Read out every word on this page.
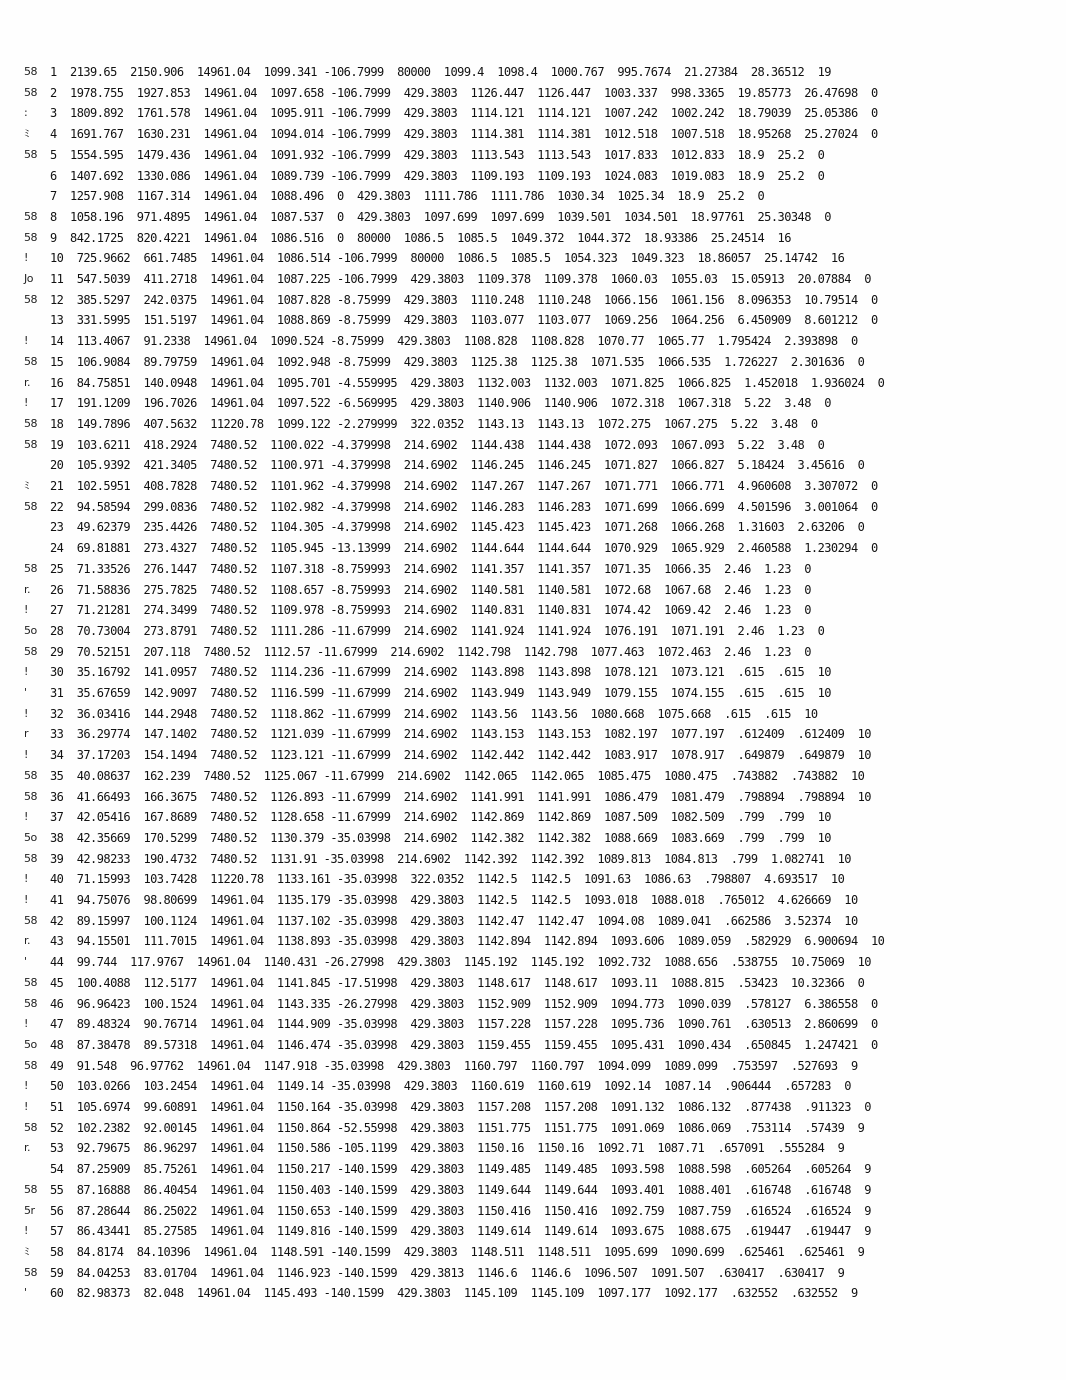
58	1  2139.65  2150.906  14961.04  1099.341 -106.7999  80000  1099.4  1098.4  1000.767  995.7674  21.27384  28.36512  19
58	2  1978.755  1927.853  14961.04  1097.658 -106.7999  429.3803  1126.447  1126.447  1003.337  998.3365  19.85773  26.47698  0
:	3  1809.892  1761.578  14961.04  1095.911 -106.7999  429.3803  1114.121  1114.121  1007.242  1002.242  18.79039  25.05386  0
ﾐ	4  1691.767  1630.231  14961.04  1094.014 -106.7999  429.3803  1114.381  1114.381  1012.518  1007.518  18.95268  25.27024  0
58	5  1554.595  1479.436  14961.04  1091.932 -106.7999  429.3803  1113.543  1113.543  1017.833  1012.833  18.9  25.2  0
6  1407.692  1330.086  14961.04  1089.739 -106.7999  429.3803  1109.193  1109.193  1024.083  1019.083  18.9  25.2  0
7  1257.908  1167.314  14961.04  1088.496  0  429.3803  1111.786  1111.786  1030.34  1025.34  18.9  25.2  0
58	8  1058.196  971.4895  14961.04  1087.537  0  429.3803  1097.699  1097.699  1039.501  1034.501  18.97761  25.30348  0
58	9  842.1725  820.4221  14961.04  1086.516  0  80000  1086.5  1085.5  1049.372  1044.372  18.93386  25.24514  16
!	10  725.9662  661.7485  14961.04  1086.514 -106.7999  80000  1086.5  1085.5  1054.323  1049.323  18.86057  25.14742  16
Jo	11  547.5039  411.2718  14961.04  1087.225 -106.7999  429.3803  1109.378  1109.378  1060.03  1055.03  15.05913  20.07884  0
58	12  385.5297  242.0375  14961.04  1087.828 -8.75999  429.3803  1110.248  1110.248  1066.156  1061.156  8.096353  10.79514  0
13  331.5995  151.5197  14961.04  1088.869 -8.75999  429.3803  1103.077  1103.077  1069.256  1064.256  6.450909  8.601212  0
!	14  113.4067  91.2338  14961.04  1090.524 -8.75999  429.3803  1108.828  1108.828  1070.77  1065.77  1.795424  2.393898  0
58	15  106.9084  89.79759  14961.04  1092.948 -8.75999  429.3803  1125.38  1125.38  1071.535  1066.535  1.726227  2.301636  0
r.	16  84.75851  140.0948  14961.04  1095.701 -4.559995  429.3803  1132.003  1132.003  1071.825  1066.825  1.452018  1.936024  0
!	17  191.1209  196.7026  14961.04  1097.522 -6.569995  429.3803  1140.906  1140.906  1072.318  1067.318  5.22  3.48  0
58	18  149.7896  407.5632  11220.78  1099.122 -2.279999  322.0352  1143.13  1143.13  1072.275  1067.275  5.22  3.48  0
58	19  103.6211  418.2924  7480.52  1100.022 -4.379998  214.6902  1144.438  1144.438  1072.093  1067.093  5.22  3.48  0
20  105.9392  421.3405  7480.52  1100.971 -4.379998  214.6902  1146.245  1146.245  1071.827  1066.827  5.18424  3.45616  0
ﾐ	21  102.5951  408.7828  7480.52  1101.962 -4.379998  214.6902  1147.267  1147.267  1071.771  1066.771  4.960608  3.307072  0
58	22  94.58594  299.0836  7480.52  1102.982 -4.379998  214.6902  1146.283  1146.283  1071.699  1066.699  4.501596  3.001064  0
23  49.62379  235.4426  7480.52  1104.305 -4.379998  214.6902  1145.423  1145.423  1071.268  1066.268  1.31603  2.63206  0
24  69.81881  273.4327  7480.52  1105.945 -13.13999  214.6902  1144.644  1144.644  1070.929  1065.929  2.460588  1.230294  0
58	25  71.33526  276.1447  7480.52  1107.318 -8.759993  214.6902  1141.357  1141.357  1071.35  1066.35  2.46  1.23  0
r.	26  71.58836  275.7825  7480.52  1108.657 -8.759993  214.6902  1140.581  1140.581  1072.68  1067.68  2.46  1.23  0
!	27  71.21281  274.3499  7480.52  1109.978 -8.759993  214.6902  1140.831  1140.831  1074.42  1069.42  2.46  1.23  0
5o	28  70.73004  273.8791  7480.52  1111.286 -11.67999  214.6902  1141.924  1141.924  1076.191  1071.191  2.46  1.23  0
58	29  70.52151  207.118  7480.52  1112.57 -11.67999  214.6902  1142.798  1142.798  1077.463  1072.463  2.46  1.23  0
!	30  35.16792  141.0957  7480.52  1114.236 -11.67999  214.6902  1143.898  1143.898  1078.121  1073.121  .615  .615  10
'	31  35.67659  142.9097  7480.52  1116.599 -11.67999  214.6902  1143.949  1143.949  1079.155  1074.155  .615  .615  10
!	32  36.03416  144.2948  7480.52  1118.862 -11.67999  214.6902  1143.56  1143.56  1080.668  1075.668  .615  .615  10
r	33  36.29774  147.1402  7480.52  1121.039 -11.67999  214.6902  1143.153  1143.153  1082.197  1077.197  .612409  .612409  10
!	34  37.17203  154.1494  7480.52  1123.121 -11.67999  214.6902  1142.442  1142.442  1083.917  1078.917  .649879  .649879  10
58	35  40.08637  162.239  7480.52  1125.067 -11.67999  214.6902  1142.065  1142.065  1085.475  1080.475  .743882  .743882  10
58	36  41.66493  166.3675  7480.52  1126.893 -11.67999  214.6902  1141.991  1141.991  1086.479  1081.479  .798894  .798894  10
!	37  42.05416  167.8689  7480.52  1128.658 -11.67999  214.6902  1142.869  1142.869  1087.509  1082.509  .799  .799  10
5o	38  42.35669  170.5299  7480.52  1130.379 -35.03998  214.6902  1142.382  1142.382  1088.669  1083.669  .799  .799  10
58	39  42.98233  190.4732  7480.52  1131.91 -35.03998  214.6902  1142.392  1142.392  1089.813  1084.813  .799  1.082741  10
!	40  71.15993  103.7428  11220.78  1133.161 -35.03998  322.0352  1142.5  1142.5  1091.63  1086.63  .798807  4.693517  10
!	41  94.75076  98.80699  14961.04  1135.179 -35.03998  429.3803  1142.5  1142.5  1093.018  1088.018  .765012  4.626669  10
58	42  89.15997  100.1124  14961.04  1137.102 -35.03998  429.3803  1142.47  1142.47  1094.08  1089.041  .662586  3.52374  10
r.	43  94.15501  111.7015  14961.04  1138.893 -35.03998  429.3803  1142.894  1142.894  1093.606  1089.059  .582929  6.900694  10
'	44  99.744  117.9767  14961.04  1140.431 -26.27998  429.3803  1145.192  1145.192  1092.732  1088.656  .538755  10.75069  10
58	45  100.4088  112.5177  14961.04  1141.845 -17.51998  429.3803  1148.617  1148.617  1093.11  1088.815  .53423  10.32366  0
58	46  96.96423  100.1524  14961.04  1143.335 -26.27998  429.3803  1152.909  1152.909  1094.773  1090.039  .578127  6.386558  0
!	47  89.48324  90.76714  14961.04  1144.909 -35.03998  429.3803  1157.228  1157.228  1095.736  1090.761  .630513  2.860699  0
5o	48  87.38478  89.57318  14961.04  1146.474 -35.03998  429.3803  1159.455  1159.455  1095.431  1090.434  .650845  1.247421  0
58	49  91.548  96.97762  14961.04  1147.918 -35.03998  429.3803  1160.797  1160.797  1094.099  1089.099  .753597  .527693  9
!	50  103.0266  103.2454  14961.04  1149.14 -35.03998  429.3803  1160.619  1160.619  1092.14  1087.14  .906444  .657283  0
!	51  105.6974  99.60891  14961.04  1150.164 -35.03998  429.3803  1157.208  1157.208  1091.132  1086.132  .877438  .911323  0
58	52  102.2382  92.00145  14961.04  1150.864 -52.55998  429.3803  1151.775  1151.775  1091.069  1086.069  .753114  .57439  9
r.	53  92.79675  86.96297  14961.04  1150.586 -105.1199  429.3803  1150.16  1150.16  1092.71  1087.71  .657091  .555284  9
54  87.25909  85.75261  14961.04  1150.217 -140.1599  429.3803  1149.485  1149.485  1093.598  1088.598  .605264  .605264  9
58	55  87.16888  86.40454  14961.04  1150.403 -140.1599  429.3803  1149.644  1149.644  1093.401  1088.401  .616748  .616748  9
5r	56  87.28644  86.25022  14961.04  1150.653 -140.1599  429.3803  1150.416  1150.416  1092.759  1087.759  .616524  .616524  9
!	57  86.43441  85.27585  14961.04  1149.816 -140.1599  429.3803  1149.614  1149.614  1093.675  1088.675  .619447  .619447  9
ﾐ	58  84.8174  84.10396  14961.04  1148.591 -140.1599  429.3803  1148.511  1148.511  1095.699  1090.699  .625461  .625461  9
58	59  84.04253  83.01704  14961.04  1146.923 -140.1599  429.3813  1146.6  1146.6  1096.507  1091.507  .630417  .630417  9
'	60  82.98373  82.048  14961.04  1145.493 -140.1599  429.3803  1145.109  1145.109  1097.177  1092.177  .632552  .632552  9
